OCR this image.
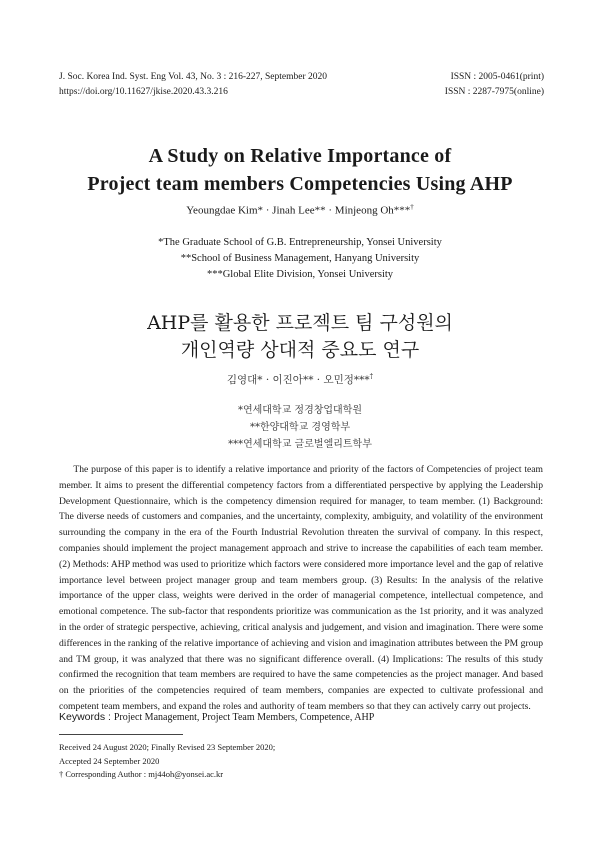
J. Soc. Korea Ind. Syst. Eng Vol. 43, No. 3 : 216-227, September 2020	ISSN : 2005-0461(print)
https://doi.org/10.11627/jkise.2020.43.3.216	ISSN : 2287-7975(online)
A Study on Relative Importance of
Project team members Competencies Using AHP
Yeoungdae Kim* · Jinah Lee** · Minjeong Oh***†
*The Graduate School of G.B. Entrepreneurship, Yonsei University
**School of Business Management, Hanyang University
***Global Elite Division, Yonsei University
AHP를 활용한 프로젝트 팀 구성원의
개인역량 상대적 중요도 연구
김영대* · 이진아** · 오민정***†
*연세대학교 정경창업대학원
**한양대학교 경영학부
***연세대학교 글로벌엘리트학부
The purpose of this paper is to identify a relative importance and priority of the factors of Competencies of project team member. It aims to present the differential competency factors from a differentiated perspective by applying the Leadership Development Questionnaire, which is the competency dimension required for manager, to team member. (1) Background: The diverse needs of customers and companies, and the uncertainty, complexity, ambiguity, and volatility of the environment surrounding the company in the era of the Fourth Industrial Revolution threaten the survival of company. In this respect, companies should implement the project management approach and strive to increase the capabilities of each team member. (2) Methods: AHP method was used to prioritize which factors were considered more importance level and the gap of relative importance level between project manager group and team members group. (3) Results: In the analysis of the relative importance of the upper class, weights were derived in the order of managerial competence, intellectual competence, and emotional competence. The sub-factor that respondents prioritize was communication as the 1st priority, and it was analyzed in the order of strategic perspective, achieving, critical analysis and judgement, and vision and imagination. There were some differences in the ranking of the relative importance of achieving and vision and imagination attributes between the PM group and TM group, it was analyzed that there was no significant difference overall. (4) Implications: The results of this study confirmed the recognition that team members are required to have the same competencies as the project manager. And based on the priorities of the competencies required of team members, companies are expected to cultivate professional and competent team members, and expand the roles and authority of team members so that they can actively carry out projects.
Keywords : Project Management, Project Team Members, Competence, AHP
Received 24 August 2020; Finally Revised 23 September 2020;
Accepted 24 September 2020
† Corresponding Author : mj44oh@yonsei.ac.kr
